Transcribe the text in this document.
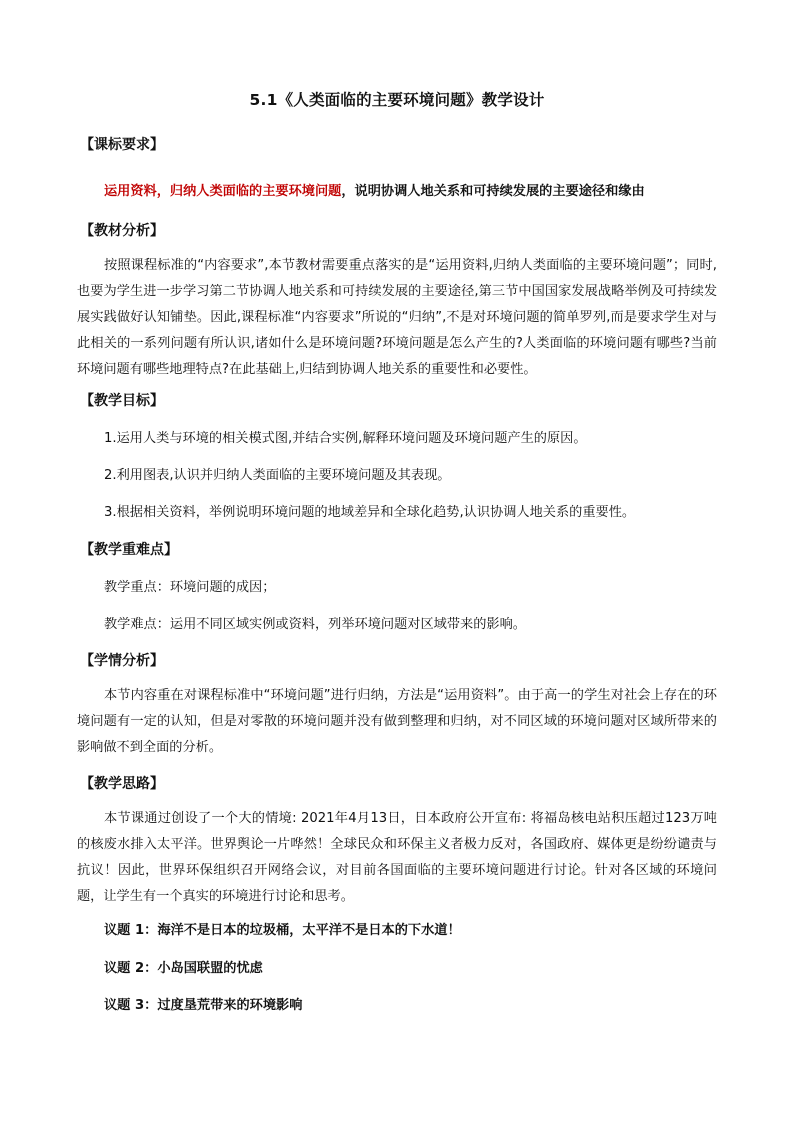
5.1《人类面临的主要环境问题》教学设计
【课标要求】
运用资料，归纳人类面临的主要环境问题，说明协调人地关系和可持续发展的主要途径和缘由
【教材分析】
按照课程标准的“内容要求”,本节教材需要重点落实的是“运用资料,归纳人类面临的主要环境问题”；同时,也要为学生进一步学习第二节协调人地关系和可持续发展的主要途径,第三节中国国家发展战略举例及可持续发展实践做好认知铺垫。因此,课程标准“内容要求”所说的“归纳”,不是对环境问题的简单罗列,而是要求学生对与此相关的一系列问题有所认识,诸如什么是环境问题?环境问题是怎么产生的?人类面临的环境问题有哪些?当前环境问题有哪些地理特点?在此基础上,归结到协调人地关系的重要性和必要性。
【教学目标】
1.运用人类与环境的相关模式图,并结合实例,解释环境问题及环境问题产生的原因。
2.利用图表,认识并归纳人类面临的主要环境问题及其表现。
3.根据相关资料，举例说明环境问题的地域差异和全球化趋势,认识协调人地关系的重要性。
【教学重难点】
教学重点：环境问题的成因；
教学难点：运用不同区域实例或资料，列举环境问题对区域带来的影响。
【学情分析】
本节内容重在对课程标准中“环境问题”进行归纳，方法是“运用资料”。由于高一的学生对社会上存在的环境问题有一定的认知，但是对零散的环境问题并没有做到整理和归纳，对不同区域的环境问题对区域所带来的影响做不到全面的分析。
【教学思路】
本节课通过创设了一个大的情境: 2021年4月13日，日本政府公开宣布: 将福岛核电站积压超过123万吨的核废水排入太平洋。世界舆论一片哗然！全球民众和环保主义者极力反对，各国政府、媒体更是纷纷谴责与抗议！因此，世界环保组织召开网络会议，对目前各国面临的主要环境问题进行讨论。针对各区域的环境问题，让学生有一个真实的环境进行讨论和思考。
议题 1：海洋不是日本的垃圾桶，太平洋不是日本的下水道！
议题 2：小岛国联盟的忧虑
议题 3：过度垦荒带来的环境影响
